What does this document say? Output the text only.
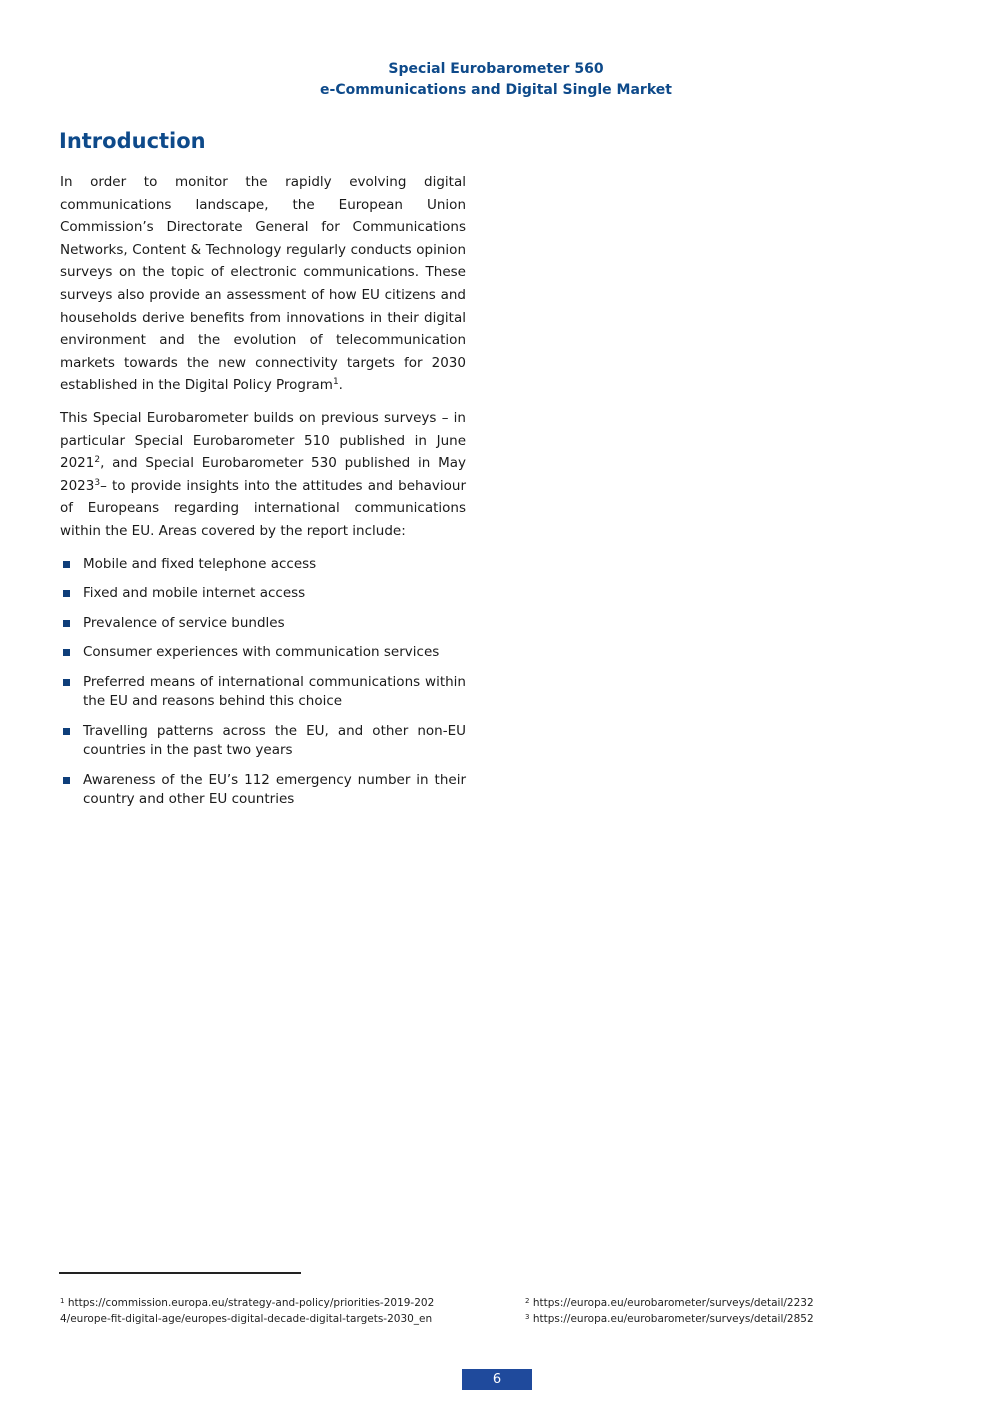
Special Eurobarometer 560
e-Communications and Digital Single Market
Introduction

In order to monitor the rapidly evolving digital communications landscape, the European Union Commission’s Directorate General for Communications Networks, Content & Technology regularly conducts opinion surveys on the topic of electronic communications. These surveys also provide an assessment of how EU citizens and households derive benefits from innovations in their digital environment and the evolution of telecommunication markets towards the new connectivity targets for 2030 established in the Digital Policy Program$^1$.

This Special Eurobarometer builds on previous surveys – in particular Special Eurobarometer 510 published in June 2021$^2$, and Special Eurobarometer 530 published in May 2023$^3$– to provide insights into the attitudes and behaviour of Europeans regarding international communications within the EU. Areas covered by the report include:

Mobile and fixed telephone access
Fixed and mobile internet access
Prevalence of service bundles
Consumer experiences with communication services
Preferred means of international communications within the EU and reasons behind this choice
Travelling patterns across the EU, and other non-EU countries in the past two years
Awareness of the EU’s 112 emergency number in their country and other EU countries
$^1$ https://commission.europa.eu/strategy-and-policy/priorities-2019-2024/europe-fit-digital-age/europes-digital-decade-digital-targets-2030_en
$^2$ https://europa.eu/eurobarometer/surveys/detail/2232
$^3$ https://europa.eu/eurobarometer/surveys/detail/2852
6
